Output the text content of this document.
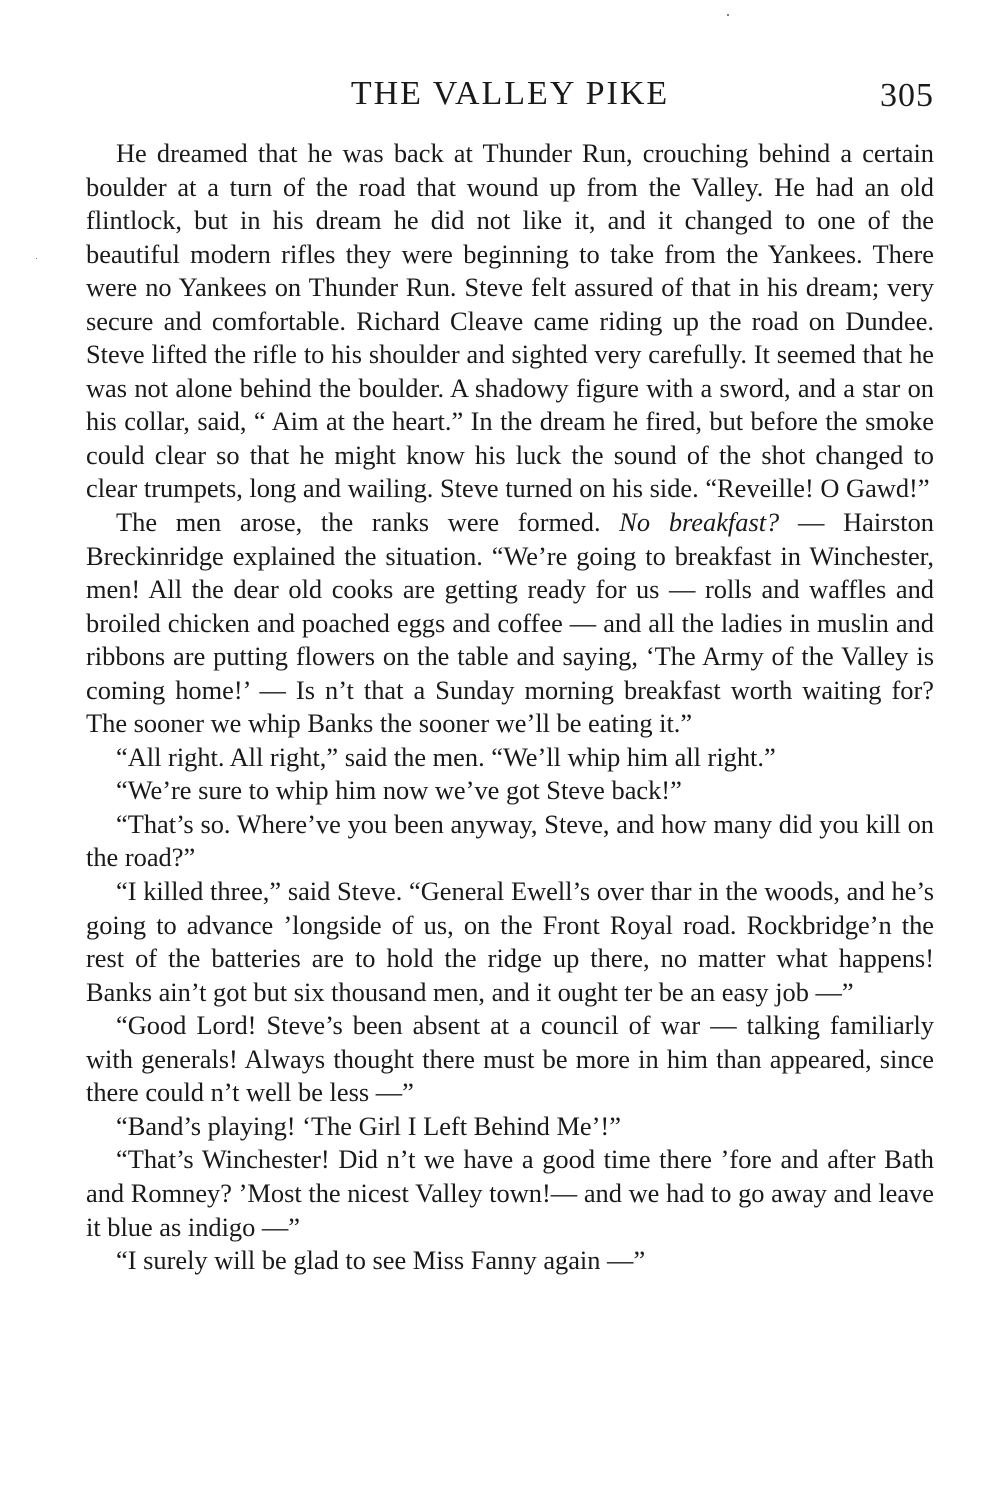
THE VALLEY PIKE	305

He dreamed that he was back at Thunder Run, crouching behind a certain boulder at a turn of the road that wound up from the Valley. He had an old flintlock, but in his dream he did not like it, and it changed to one of the beautiful modern rifles they were beginning to take from the Yankees. There were no Yankees on Thunder Run. Steve felt assured of that in his dream; very secure and comfortable. Richard Cleave came riding up the road on Dundee. Steve lifted the rifle to his shoulder and sighted very carefully. It seemed that he was not alone behind the boulder. A shadowy figure with a sword, and a star on his collar, said, “ Aim at the heart.” In the dream he fired, but before the smoke could clear so that he might know his luck the sound of the shot changed to clear trumpets, long and wailing. Steve turned on his side. “Reveille! O Gawd!”

The men arose, the ranks were formed. No breakfast? — Hairston Breckinridge explained the situation. “We’re going to breakfast in Winchester, men! All the dear old cooks are getting ready for us — rolls and waffles and broiled chicken and poached eggs and coffee — and all the ladies in muslin and ribbons are putting flowers on the table and saying, ‘The Army of the Valley is coming home!’ — Is n’t that a Sunday morning breakfast worth waiting for? The sooner we whip Banks the sooner we’ll be eating it.”

“All right. All right,” said the men. “We’ll whip him all right.”

“We’re sure to whip him now we’ve got Steve back!”

“That’s so. Where’ve you been anyway, Steve, and how many did you kill on the road?”

“I killed three,” said Steve. “General Ewell’s over thar in the woods, and he’s going to advance ’longside of us, on the Front Royal road. Rockbridge’n the rest of the batteries are to hold the ridge up there, no matter what happens! Banks ain’t got but six thousand men, and it ought ter be an easy job —”

“Good Lord! Steve’s been absent at a council of war — talking familiarly with generals! Always thought there must be more in him than appeared, since there could n’t well be less —”

“Band’s playing! ‘The Girl I Left Behind Me’!”

“That’s Winchester! Did n’t we have a good time there ’fore and after Bath and Romney? ’Most the nicest Valley town!— and we had to go away and leave it blue as indigo —”

“I surely will be glad to see Miss Fanny again —”
